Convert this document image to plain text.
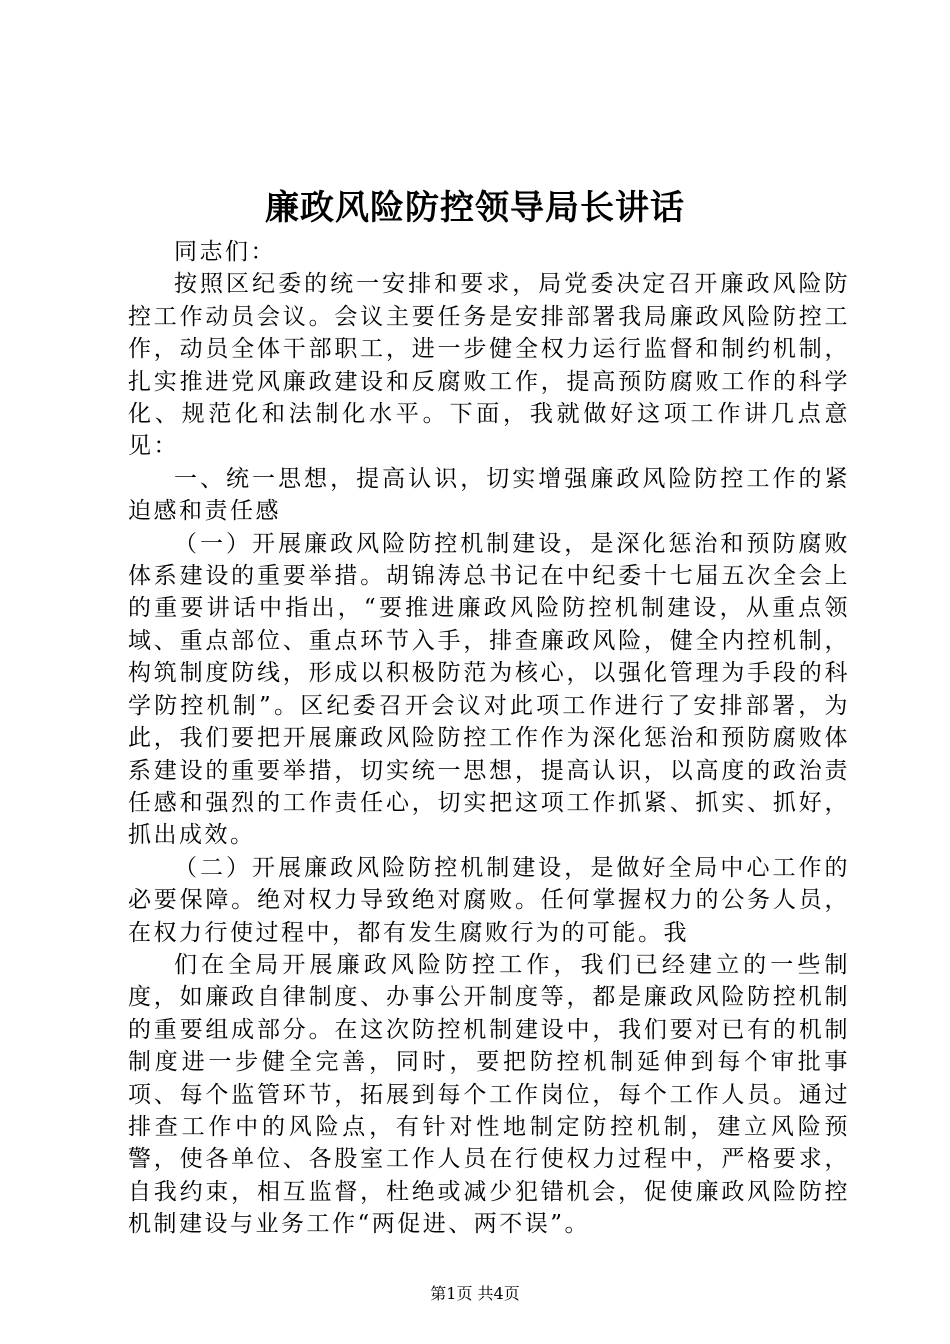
廉政风险防控领导局长讲话

同志们：

按照区纪委的统一安排和要求，局党委决定召开廉政风险防控工作动员会议。会议主要任务是安排部署我局廉政风险防控工作，动员全体干部职工，进一步健全权力运行监督和制约机制，扎实推进党风廉政建设和反腐败工作，提高预防腐败工作的科学化、规范化和法制化水平。下面，我就做好这项工作讲几点意见：

一、统一思想，提高认识，切实增强廉政风险防控工作的紧迫感和责任感

（一）开展廉政风险防控机制建设，是深化惩治和预防腐败体系建设的重要举措。胡锦涛总书记在中纪委十七届五次全会上的重要讲话中指出，“要推进廉政风险防控机制建设，从重点领域、重点部位、重点环节入手，排查廉政风险，健全内控机制，构筑制度防线，形成以积极防范为核心，以强化管理为手段的科学防控机制”。区纪委召开会议对此项工作进行了安排部署，为此，我们要把开展廉政风险防控工作作为深化惩治和预防腐败体系建设的重要举措，切实统一思想，提高认识，以高度的政治责任感和强烈的工作责任心，切实把这项工作抓紧、抓实、抓好，抓出成效。

（二）开展廉政风险防控机制建设，是做好全局中心工作的必要保障。绝对权力导致绝对腐败。任何掌握权力的公务人员，在权力行使过程中，都有发生腐败行为的可能。我

们在全局开展廉政风险防控工作，我们已经建立的一些制度，如廉政自律制度、办事公开制度等，都是廉政风险防控机制的重要组成部分。在这次防控机制建设中，我们要对已有的机制制度进一步健全完善，同时，要把防控机制延伸到每个审批事项、每个监管环节，拓展到每个工作岗位，每个工作人员。通过排查工作中的风险点，有针对性地制定防控机制，建立风险预警，使各单位、各股室工作人员在行使权力过程中，严格要求，自我约束，相互监督，杜绝或减少犯错机会，促使廉政风险防控机制建设与业务工作“两促进、两不误”。

第1页 共4页
